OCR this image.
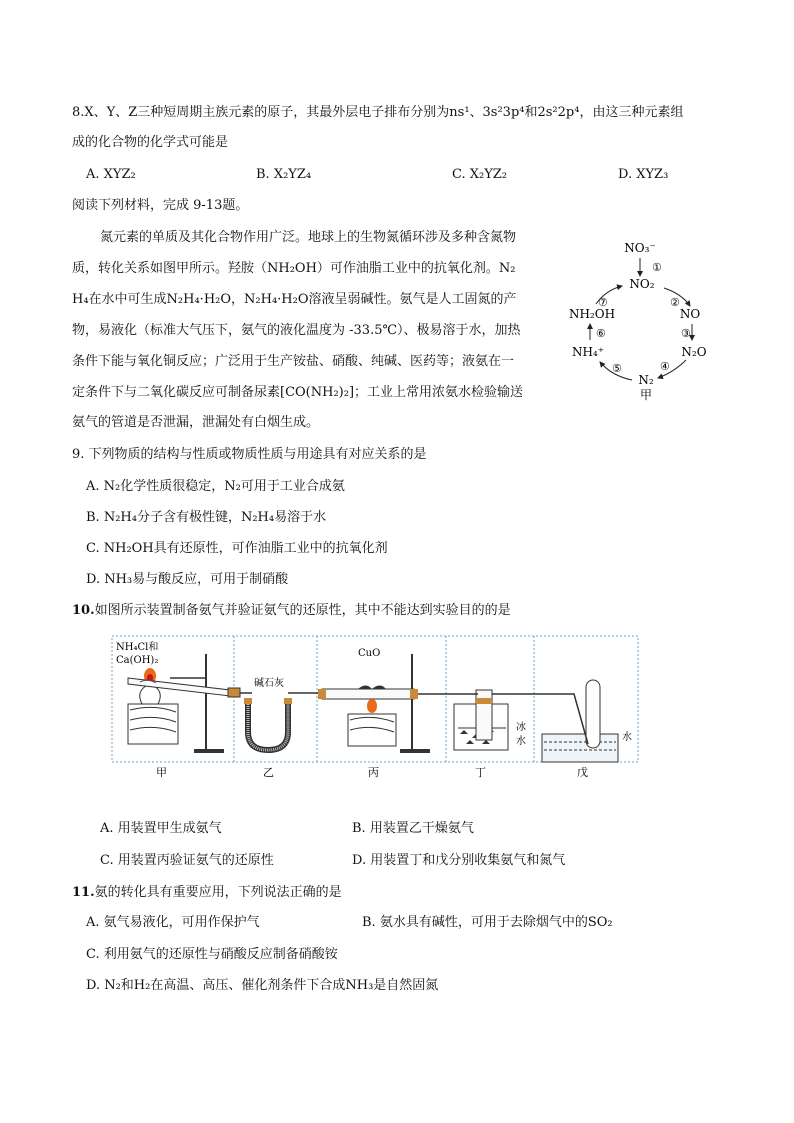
8.X、Y、Z三种短周期主族元素的原子，其最外层电子排布分别为ns¹、3s²3p⁴和2s²2p⁴，由这三种元素组
成的化合物的化学式可能是
A. XYZ₂	B. X₂YZ₄	C. X₂YZ₂	D. XYZ₃
阅读下列材料，完成 9-13题。
氮元素的单质及其化合物作用广泛。地球上的生物氮循环涉及多种含氮物
质，转化关系如图甲所示。羟胺（NH₂OH）可作油脂工业中的抗氧化剂。N₂
H₄在水中可生成N₂H₄·H₂O，N₂H₄·H₂O溶液呈弱碱性。氨气是人工固氮的产
物，易液化（标准大气压下，氨气的液化温度为 -33.5℃）、极易溶于水，加热
条件下能与氧化铜反应；广泛用于生产铵盐、硝酸、纯碱、医药等；液氨在一
定条件下与二氧化碳反应可制备尿素[CO(NH₂)₂]；工业上常用浓氨水检验输送
氨气的管道是否泄漏，泄漏处有白烟生成。
NO₃⁻
①
NO₂
②
NO
③
N₂O
④
N₂
甲
⑤
NH₄⁺
⑥
NH₂OH
⑦
9. 下列物质的结构与性质或物质性质与用途具有对应关系的是
A. N₂化学性质很稳定，N₂可用于工业合成氨
B. N₂H₄分子含有极性键，N₂H₄易溶于水
C. NH₂OH具有还原性，可作油脂工业中的抗氧化剂
D. NH₃易与酸反应，可用于制硝酸
10.如图所示装置制备氨气并验证氨气的还原性，其中不能达到实验目的的是
NH₄Cl和
Ca(OH)₂
甲
碱石灰
乙
CuO
丙
冰
水
丁
水
戊
A. 用装置甲生成氨气	B. 用装置乙干燥氨气
C. 用装置丙验证氨气的还原性	D. 用装置丁和戊分别收集氨气和氮气
11.氨的转化具有重要应用，下列说法正确的是
A. 氨气易液化，可用作保护气	B. 氨水具有碱性，可用于去除烟气中的SO₂
C. 利用氨气的还原性与硝酸反应制备硝酸铵
D. N₂和H₂在高温、高压、催化剂条件下合成NH₃是自然固氮
